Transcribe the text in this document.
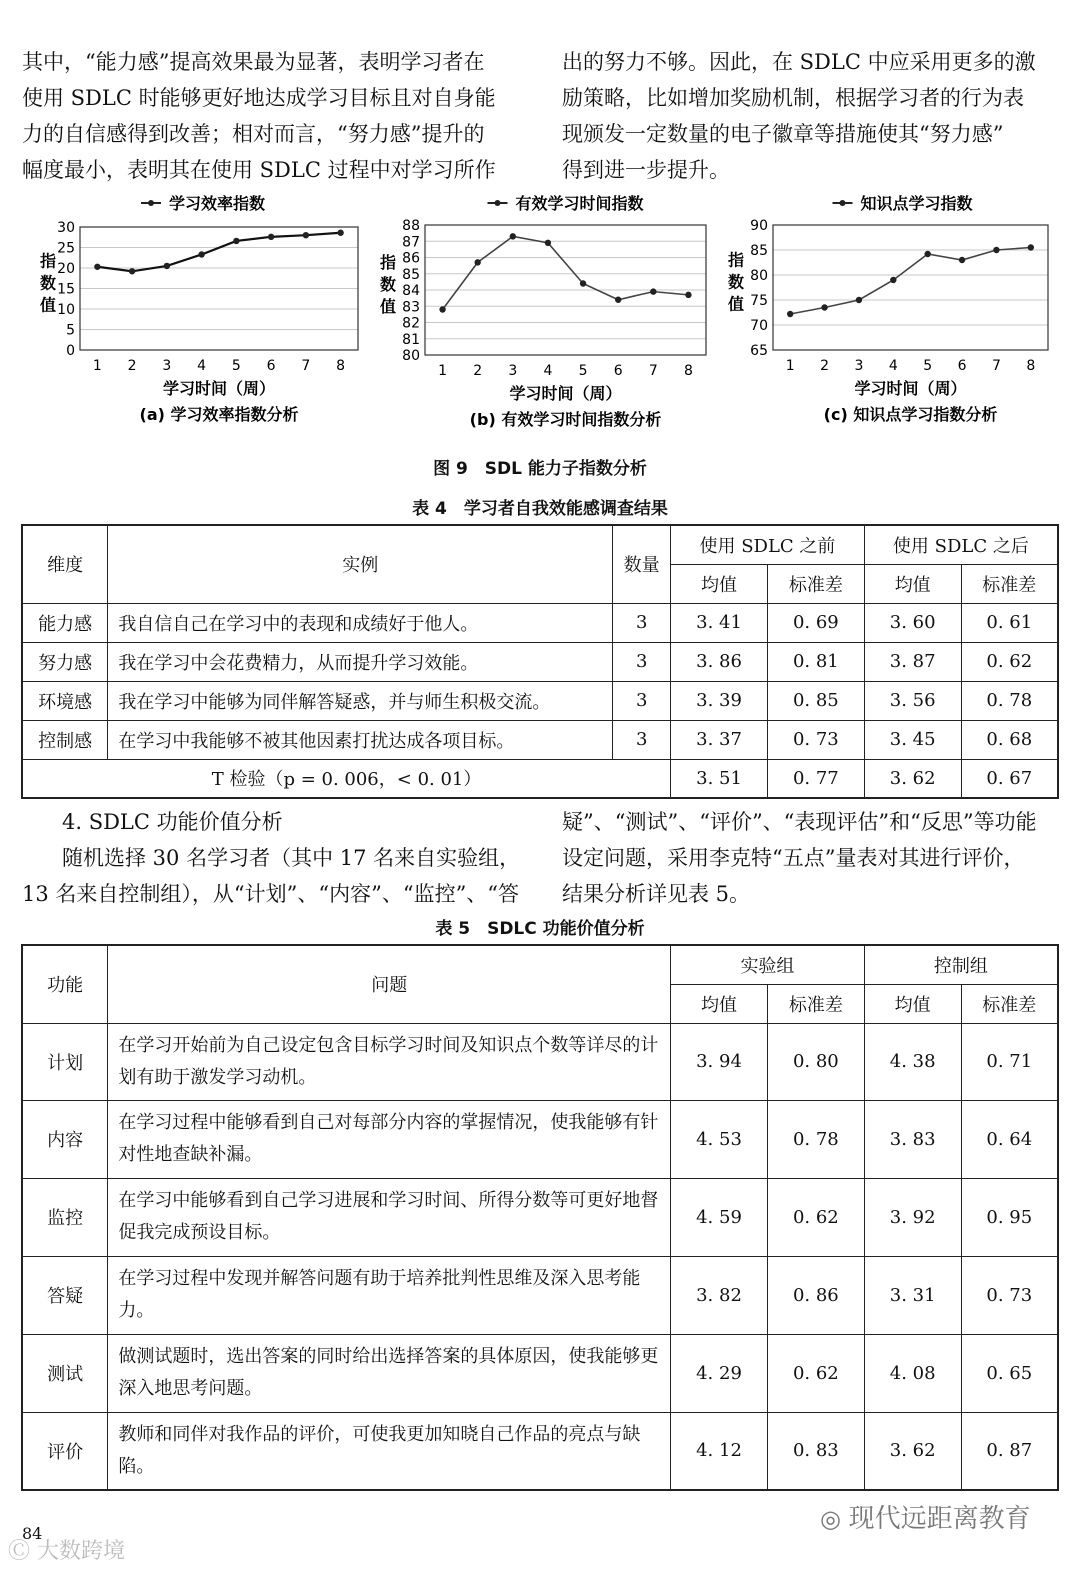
其中，“能力感”提高效果最为显著，表明学习者在

使用 SDLC 时能够更好地达成学习目标且对自身能

力的自信感得到改善；相对而言，“努力感”提升的

幅度最小，表明其在使用 SDLC 过程中对学习所作

出的努力不够。因此，在 SDLC 中应采用更多的激

励策略，比如增加奖励机制，根据学习者的行为表

现颁发一定数量的电子徽章等措施使其“努力感”

得到进一步提升。

学习效率指数
0
5
10
15
20
25
30
指
数
值
1 2 3 4 5 6 7 8
学习时间（周）
(a) 学习效率指数分析
有效学习时间指数
80
81
82
83
84
85
86
87
88
指
数
值
1 2 3 4 5 6 7 8
学习时间（周）
(b) 有效学习时间指数分析
知识点学习指数
65
70
75
80
85
90
指
数
值
1 2 3 4 5 6 7 8
学习时间（周）
(c) 知识点学习指数分析
图 9　SDL 能力子指数分析
表 4　学习者自我效能感调查结果
维度	实例	数量	使用 SDLC 之前		使用 SDLC 之后	
			均值	标准差	均值	标准差
能力感	我自信自己在学习中的表现和成绩好于他人。	3	3. 41	0. 69	3. 60	0. 61
努力感	我在学习中会花费精力，从而提升学习效能。	3	3. 86	0. 81	3. 87	0. 62
环境感	我在学习中能够为同伴解答疑惑，并与师生积极交流。	3	3. 39	0. 85	3. 56	0. 78
控制感	在学习中我能够不被其他因素打扰达成各项目标。	3	3. 37	0. 73	3. 45	0. 68
T 检验（p = 0. 006，< 0. 01）			3. 51	0. 77	3. 62	0. 67

4. SDLC 功能价值分析

随机选择 30 名学习者（其中 17 名来自实验组，

13 名来自控制组），从“计划”、“内容”、“监控”、“答

疑”、“测试”、“评价”、“表现评估”和“反思”等功能

设定问题，采用李克特“五点”量表对其进行评价，

结果分析详见表 5。

表 5　SDLC 功能价值分析
功能	问题	实验组		控制组	
		均值	标准差	均值	标准差
计划	在学习开始前为自己设定包含目标学习时间及知识点个数等详尽的计划有助于激发学习动机。	3. 94	0. 80	4. 38	0. 71
内容	在学习过程中能够看到自己对每部分内容的掌握情况，使我能够有针对性地查缺补漏。	4. 53	0. 78	3. 83	0. 64
监控	在学习中能够看到自己学习进展和学习时间、所得分数等可更好地督促我完成预设目标。	4. 59	0. 62	3. 92	0. 95
答疑	在学习过程中发现并解答问题有助于培养批判性思维及深入思考能力。	3. 82	0. 86	3. 31	0. 73
测试	做测试题时，选出答案的同时给出选择答案的具体原因，使我能够更深入地思考问题。	4. 29	0. 62	4. 08	0. 65
评价	教师和同伴对我作品的评价，可使我更加知晓自己作品的亮点与缺陷。	4. 12	0. 83	3. 62	0. 87
84
◎ 现代远距离教育
Ⓒ 大数跨境
